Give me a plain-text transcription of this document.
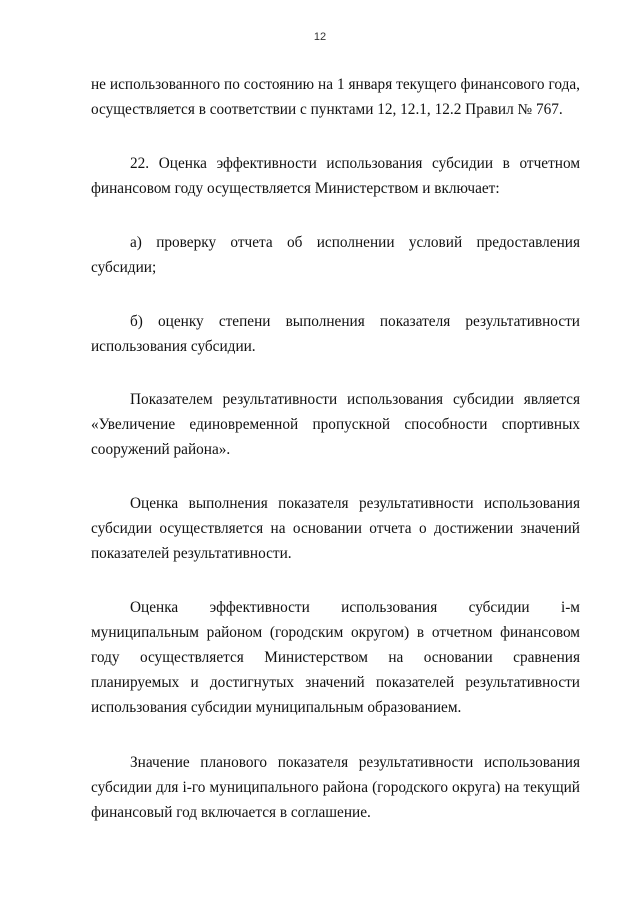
12

не использованного по состоянию на 1 января текущего финансового года, осуществляется в соответствии с пунктами 12, 12.1, 12.2 Правил № 767.

22. Оценка эффективности использования субсидии в отчетном финансовом году осуществляется Министерством и включает:

а) проверку отчета об исполнении условий предоставления субсидии;

б) оценку степени выполнения показателя результативности использования субсидии.

Показателем результативности использования субсидии является «Увеличение единовременной пропускной способности спортивных сооружений района».

Оценка выполнения показателя результативности использования субсидии осуществляется на основании отчета о достижении значений показателей результативности.

Оценка эффективности использования субсидии i-м муниципальным районом (городским округом) в отчетном финансовом году осуществляется Министерством на основании сравнения планируемых и достигнутых значений показателей результативности использования субсидии муниципальным образованием.

Значение планового показателя результативности использования субсидии для i-го муниципального района (городского округа) на текущий финансовый год включается в соглашение.
